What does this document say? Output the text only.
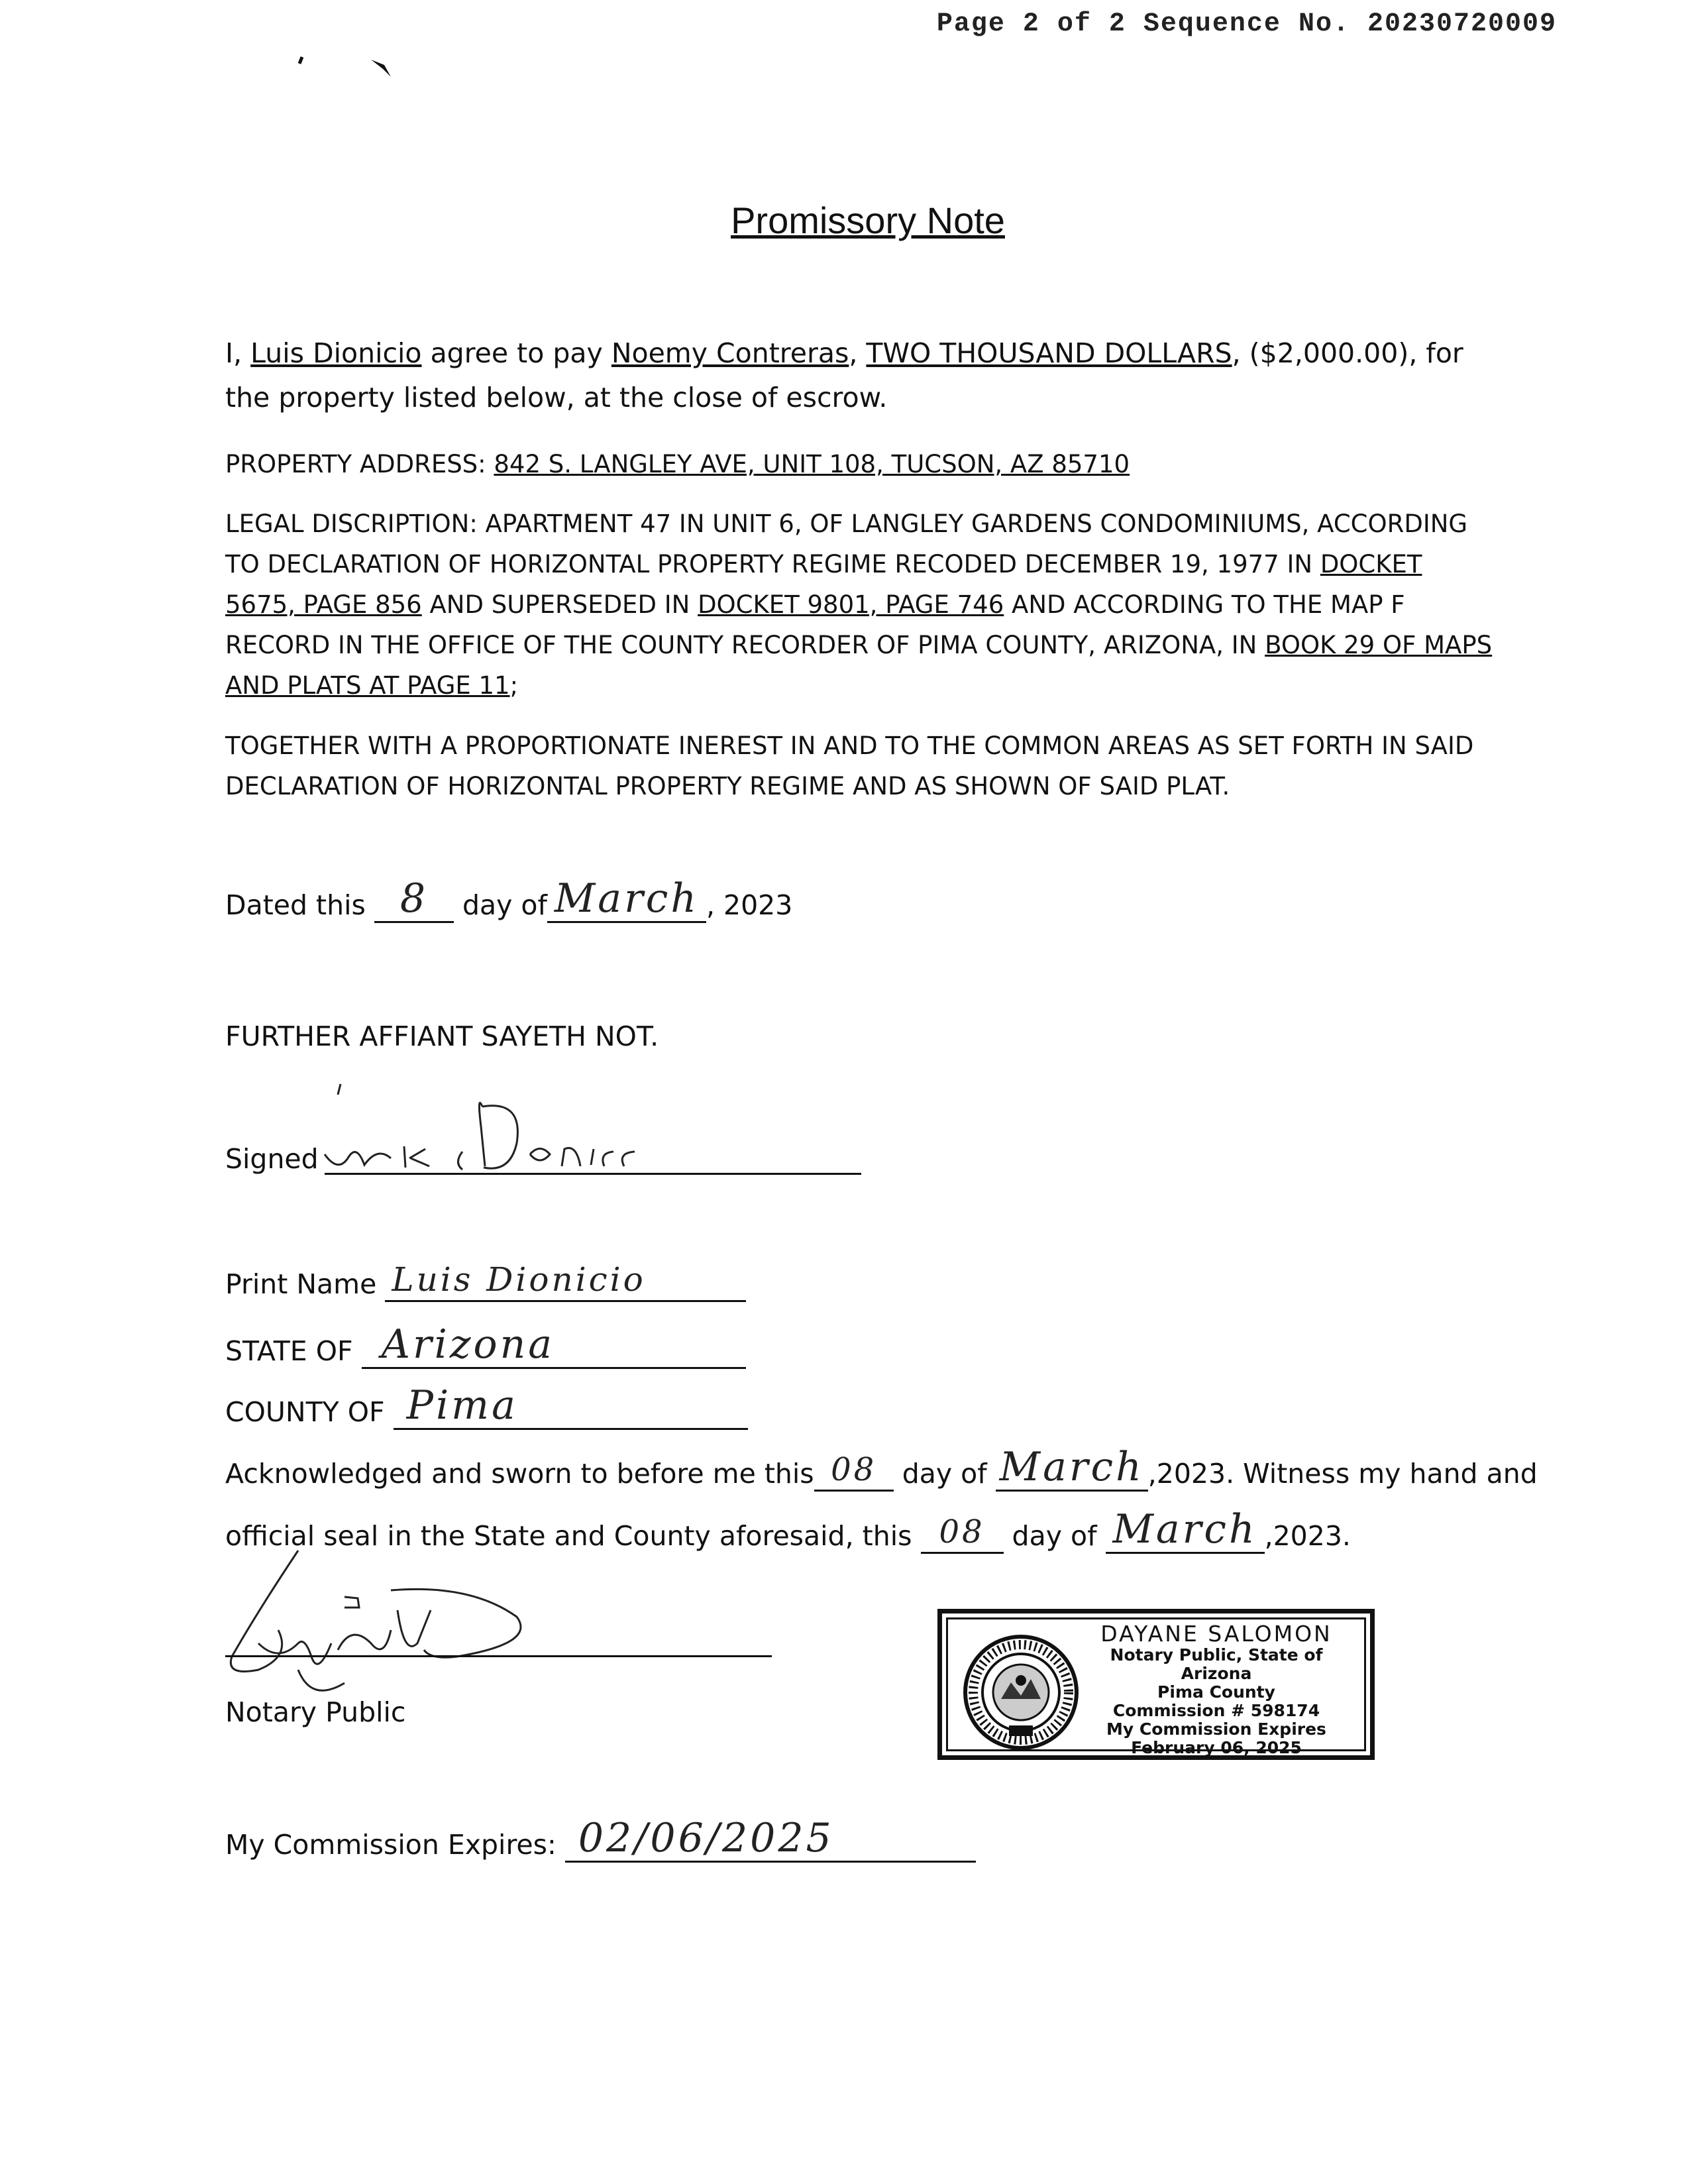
Page 2 of 2 Sequence No. 20230720009
Promissory Note
I, Luis Dionicio agree to pay Noemy Contreras, TWO THOUSAND DOLLARS, ($2,000.00), for the property listed below, at the close of escrow.
PROPERTY ADDRESS: 842 S. LANGLEY AVE, UNIT 108, TUCSON, AZ 85710
LEGAL DISCRIPTION: APARTMENT 47 IN UNIT 6, OF LANGLEY GARDENS CONDOMINIUMS, ACCORDING TO DECLARATION OF HORIZONTAL PROPERTY REGIME RECODED DECEMBER 19, 1977 IN DOCKET 5675, PAGE 856 AND SUPERSEDED IN DOCKET 9801, PAGE 746 AND ACCORDING TO THE MAP F RECORD IN THE OFFICE OF THE COUNTY RECORDER OF PIMA COUNTY, ARIZONA, IN BOOK 29 OF MAPS AND PLATS AT PAGE 11;
TOGETHER WITH A PROPORTIONATE INEREST IN AND TO THE COMMON AREAS AS SET FORTH IN SAID DECLARATION OF HORIZONTAL PROPERTY REGIME AND AS SHOWN OF SAID PLAT.
Dated this 8 day of March , 2023
FURTHER AFFIANT SAYETH NOT.
Signed
Print Name Luis Dionicio
STATE OF Arizona
COUNTY OF Pima
Acknowledged and sworn to before me this 08 day of March ,2023. Witness my hand and
official seal in the State and County aforesaid, this 08 day of March ,2023.
Notary Public
DAYANE SALOMON
Notary Public, State of Arizona
Pima County
Commission # 598174
My Commission Expires
February 06, 2025
My Commission Expires: 02/06/2025
